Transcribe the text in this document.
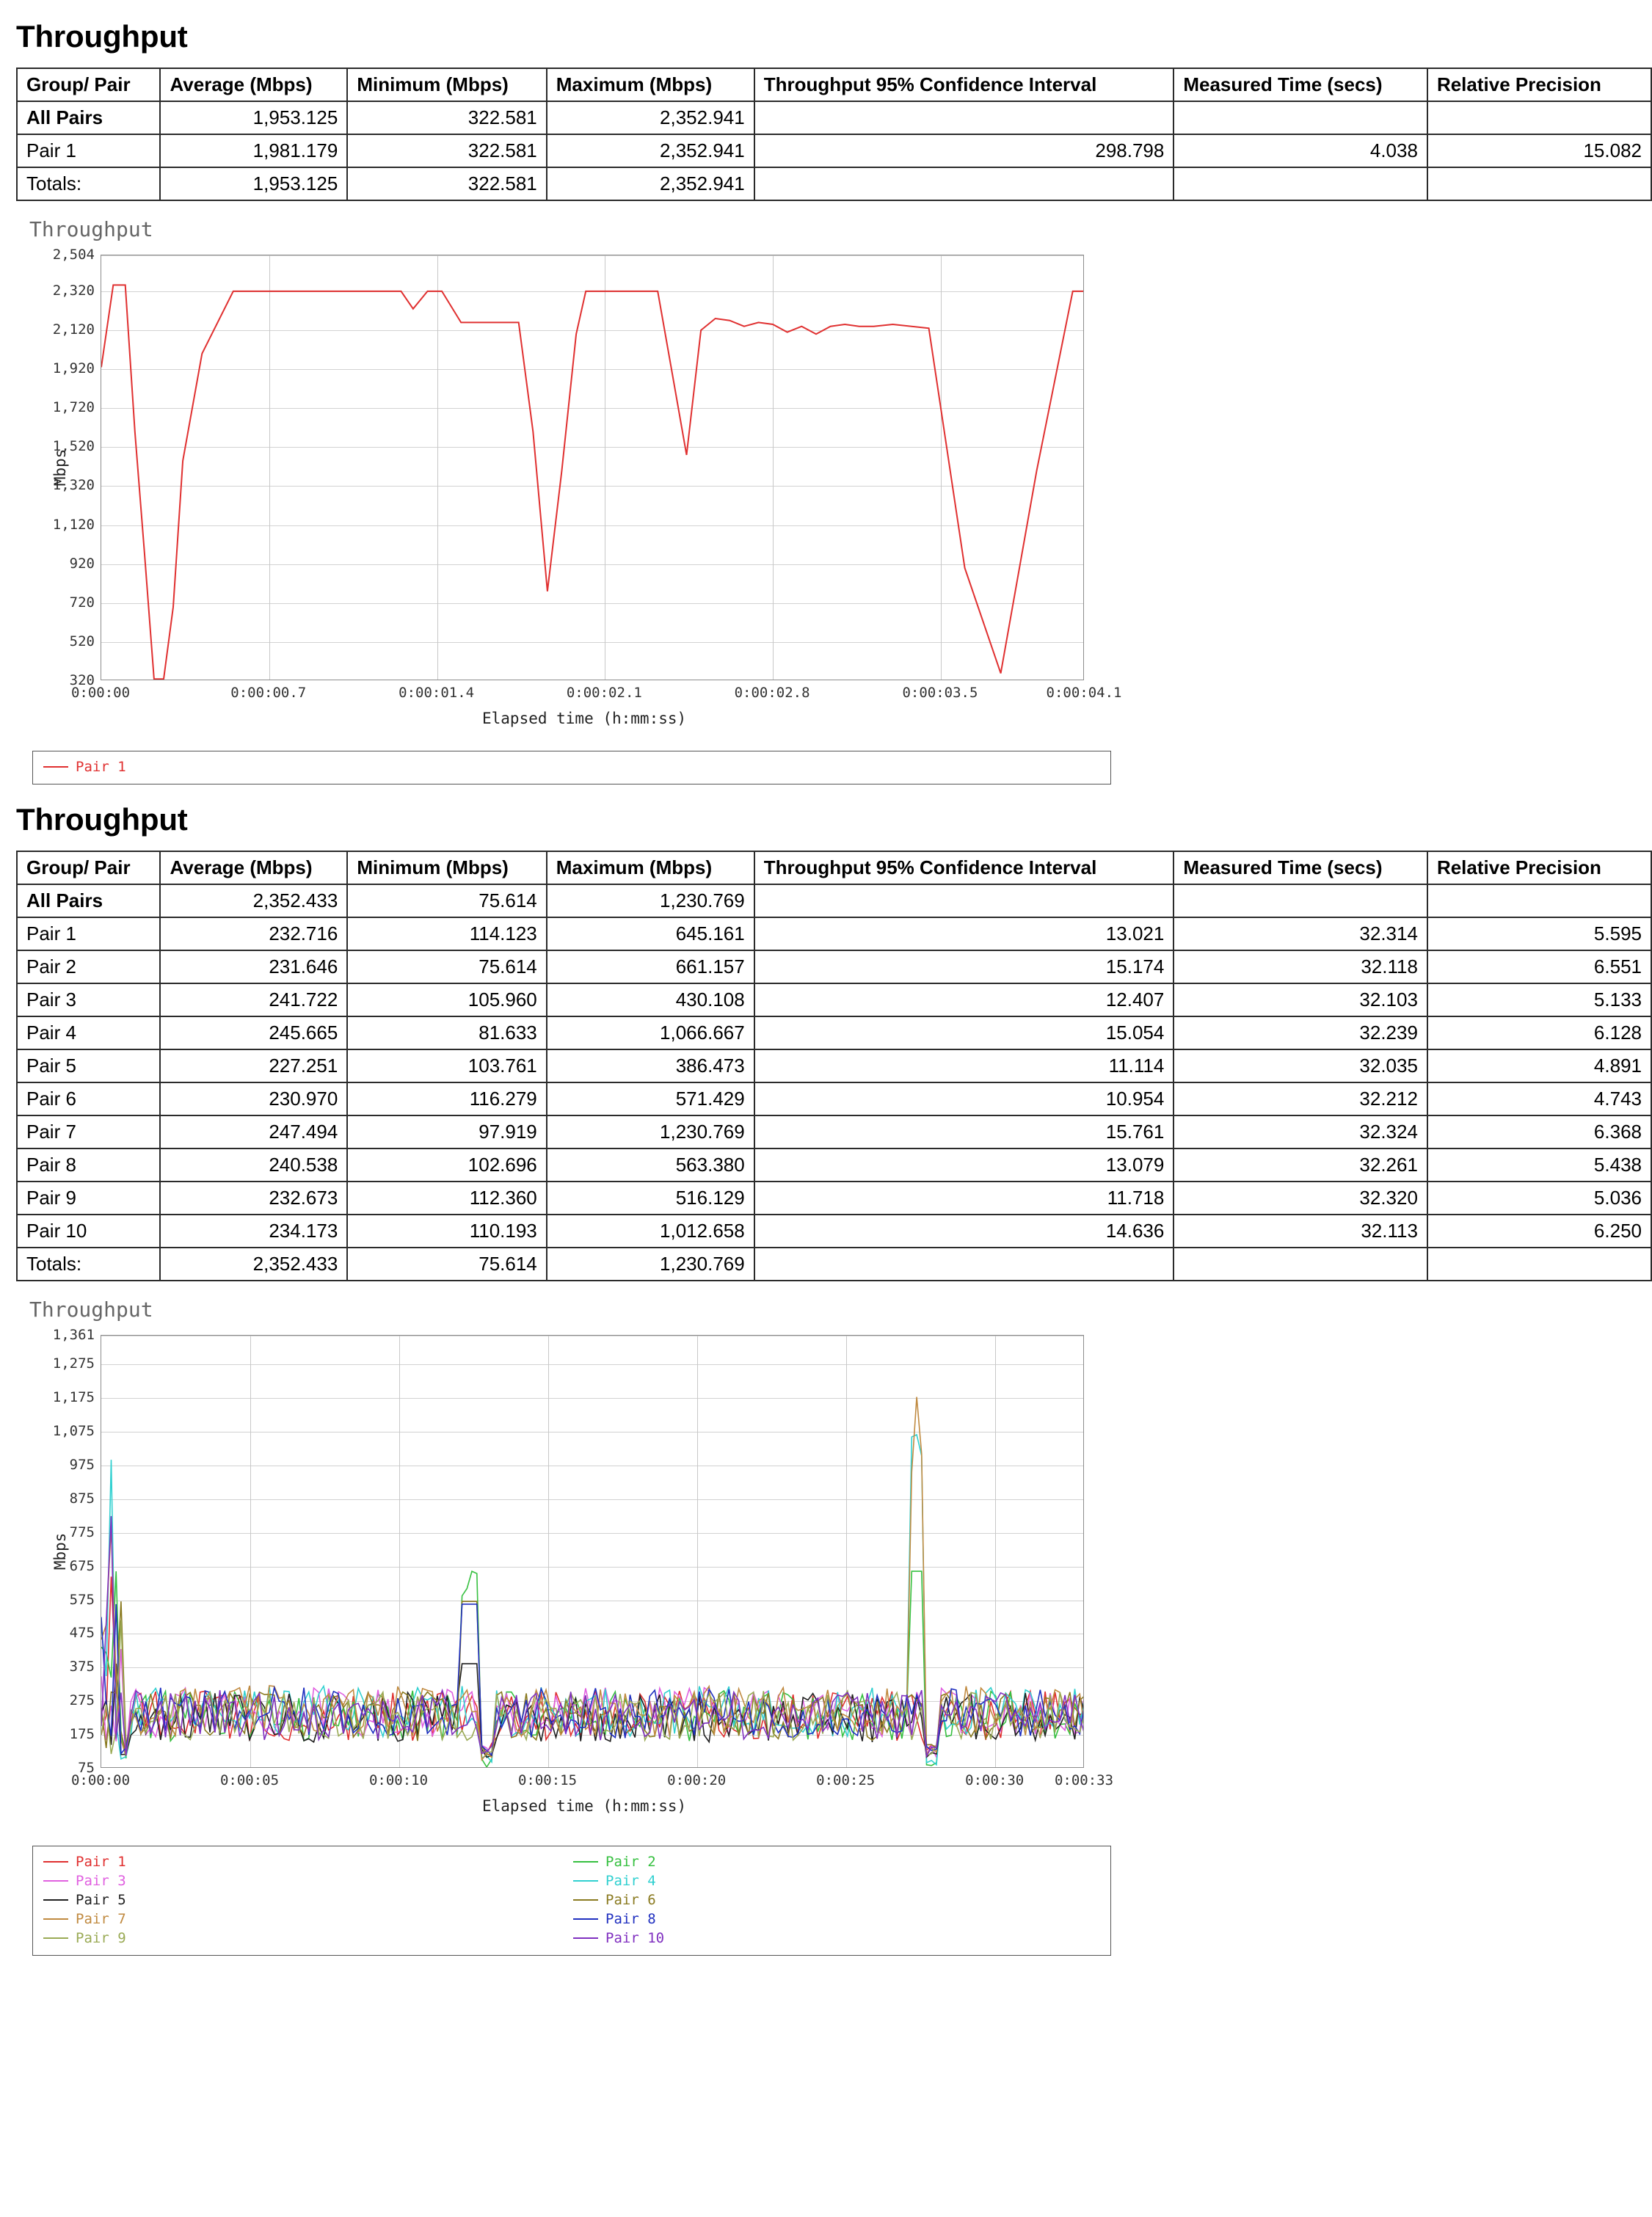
Throughput
Group/ Pair	Average (Mbps)	Minimum (Mbps)	Maximum (Mbps)	Throughput 95% Confidence Interval	Measured Time (secs)	Relative Precision
All Pairs	1,953.125	322.581	2,352.941			
Pair 1	1,981.179	322.581	2,352.941	298.798	4.038	15.082
Totals:	1,953.125	322.581	2,352.941			
Throughput
320
520
720
920
1,120
1,320
1,520
1,720
1,920
2,120
2,320
2,504
0:00:00	0:00:00.7	0:00:01.4	0:00:02.1	0:00:02.8	0:00:03.5	0:00:04.1
Elapsed time (h:mm:ss)
Mbps
Pair 1
Throughput
Group/ Pair	Average (Mbps)	Minimum (Mbps)	Maximum (Mbps)	Throughput 95% Confidence Interval	Measured Time (secs)	Relative Precision
All Pairs	2,352.433	75.614	1,230.769			
Pair 1	232.716	114.123	645.161	13.021	32.314	5.595
Pair 2	231.646	75.614	661.157	15.174	32.118	6.551
Pair 3	241.722	105.960	430.108	12.407	32.103	5.133
Pair 4	245.665	81.633	1,066.667	15.054	32.239	6.128
Pair 5	227.251	103.761	386.473	11.114	32.035	4.891
Pair 6	230.970	116.279	571.429	10.954	32.212	4.743
Pair 7	247.494	97.919	1,230.769	15.761	32.324	6.368
Pair 8	240.538	102.696	563.380	13.079	32.261	5.438
Pair 9	232.673	112.360	516.129	11.718	32.320	5.036
Pair 10	234.173	110.193	1,012.658	14.636	32.113	6.250
Totals:	2,352.433	75.614	1,230.769			
Throughput
75
175
275
375
475
575
675
775
875
975
1,075
1,175
1,275
1,361
0:00:00	0:00:05	0:00:10	0:00:15	0:00:20	0:00:25	0:00:30 0:00:33
Elapsed time (h:mm:ss)
Mbps
Pair 1	Pair 2
Pair 3	Pair 4
Pair 5	Pair 6
Pair 7	Pair 8
Pair 9	Pair 10
